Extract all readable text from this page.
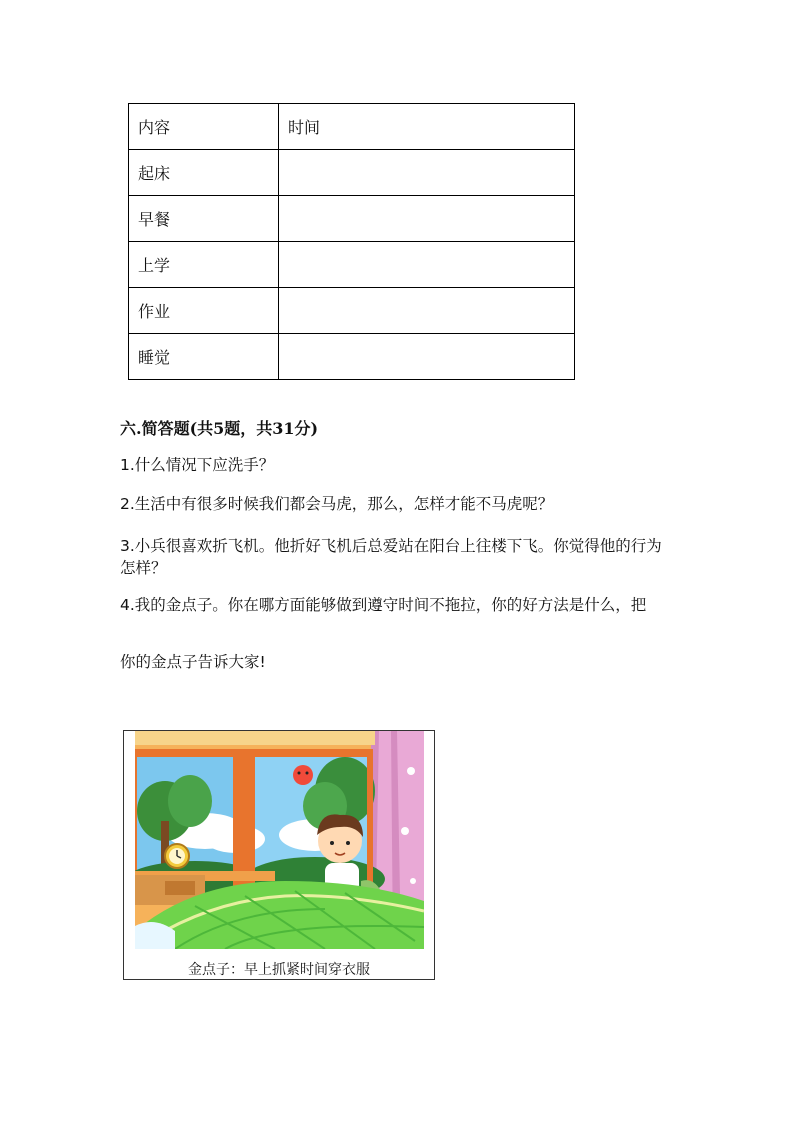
内容	时间
起床	
早餐	
上学	
作业	
睡觉	
六.简答题(共5题，共31分)
1.什么情况下应洗手？
2.生活中有很多时候我们都会马虎，那么，怎样才能不马虎呢？
3.小兵很喜欢折飞机。他折好飞机后总爱站在阳台上往楼下飞。你觉得他的行为怎样？
4.我的金点子。你在哪方面能够做到遵守时间不拖拉，你的好方法是什么，把
你的金点子告诉大家!
金点子：早上抓紧时间穿衣服
